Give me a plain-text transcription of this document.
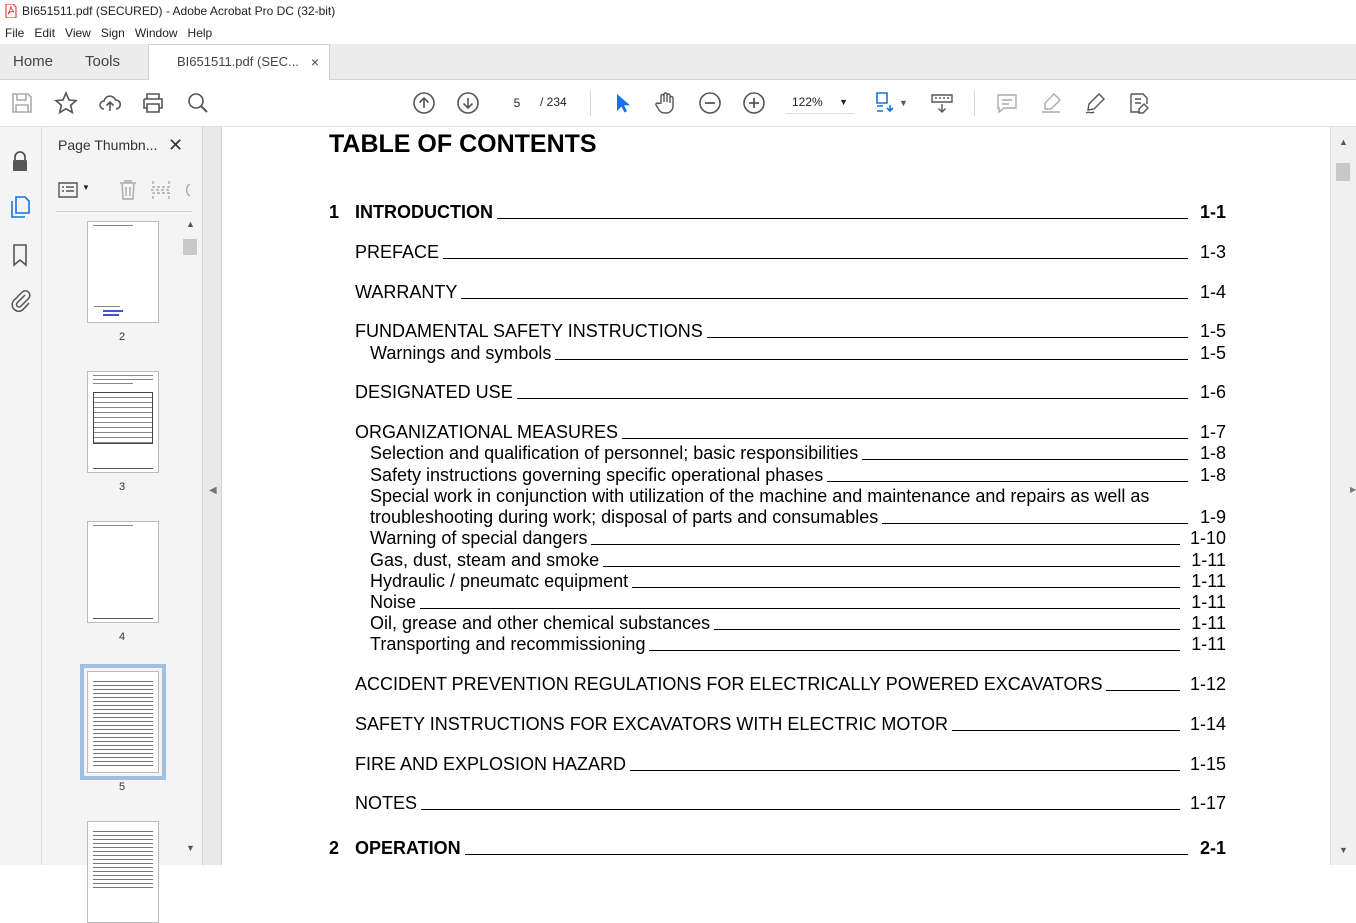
BI651511.pdf (SECURED) - Adobe Acrobat Pro DC (32-bit)
File Edit View Sign Window Help
Home Tools	BI651511.pdf (SEC... ×
5	/ 234	122% ▼	▼
Page Thumbn... ✕
▼
2
3
4
5
▲
▼
◀
TABLE OF CONTENTS
1 INTRODUCTION	1-1
PREFACE	1-3
WARRANTY	1-4
FUNDAMENTAL SAFETY INSTRUCTIONS	1-5
Warnings and symbols	1-5
DESIGNATED USE	1-6
ORGANIZATIONAL MEASURES	1-7
Selection and qualification of personnel; basic responsibilities	1-8
Safety instructions governing specific operational phases	1-8
Special work in conjunction with utilization of the machine and maintenance and repairs as well as
troubleshooting during work; disposal of parts and consumables	1-9
Warning of special dangers	1-10
Gas, dust, steam and smoke	1-11
Hydraulic / pneumatc equipment	1-11
Noise	1-11
Oil, grease and other chemical substances	1-11
Transporting and recommissioning	1-11
ACCIDENT PREVENTION REGULATIONS FOR ELECTRICALLY POWERED EXCAVATORS	1-12
SAFETY INSTRUCTIONS FOR EXCAVATORS WITH ELECTRIC MOTOR	1-14
FIRE AND EXPLOSION HAZARD	1-15
NOTES	1-17
2 OPERATION	2-1
▲
▶
▼
